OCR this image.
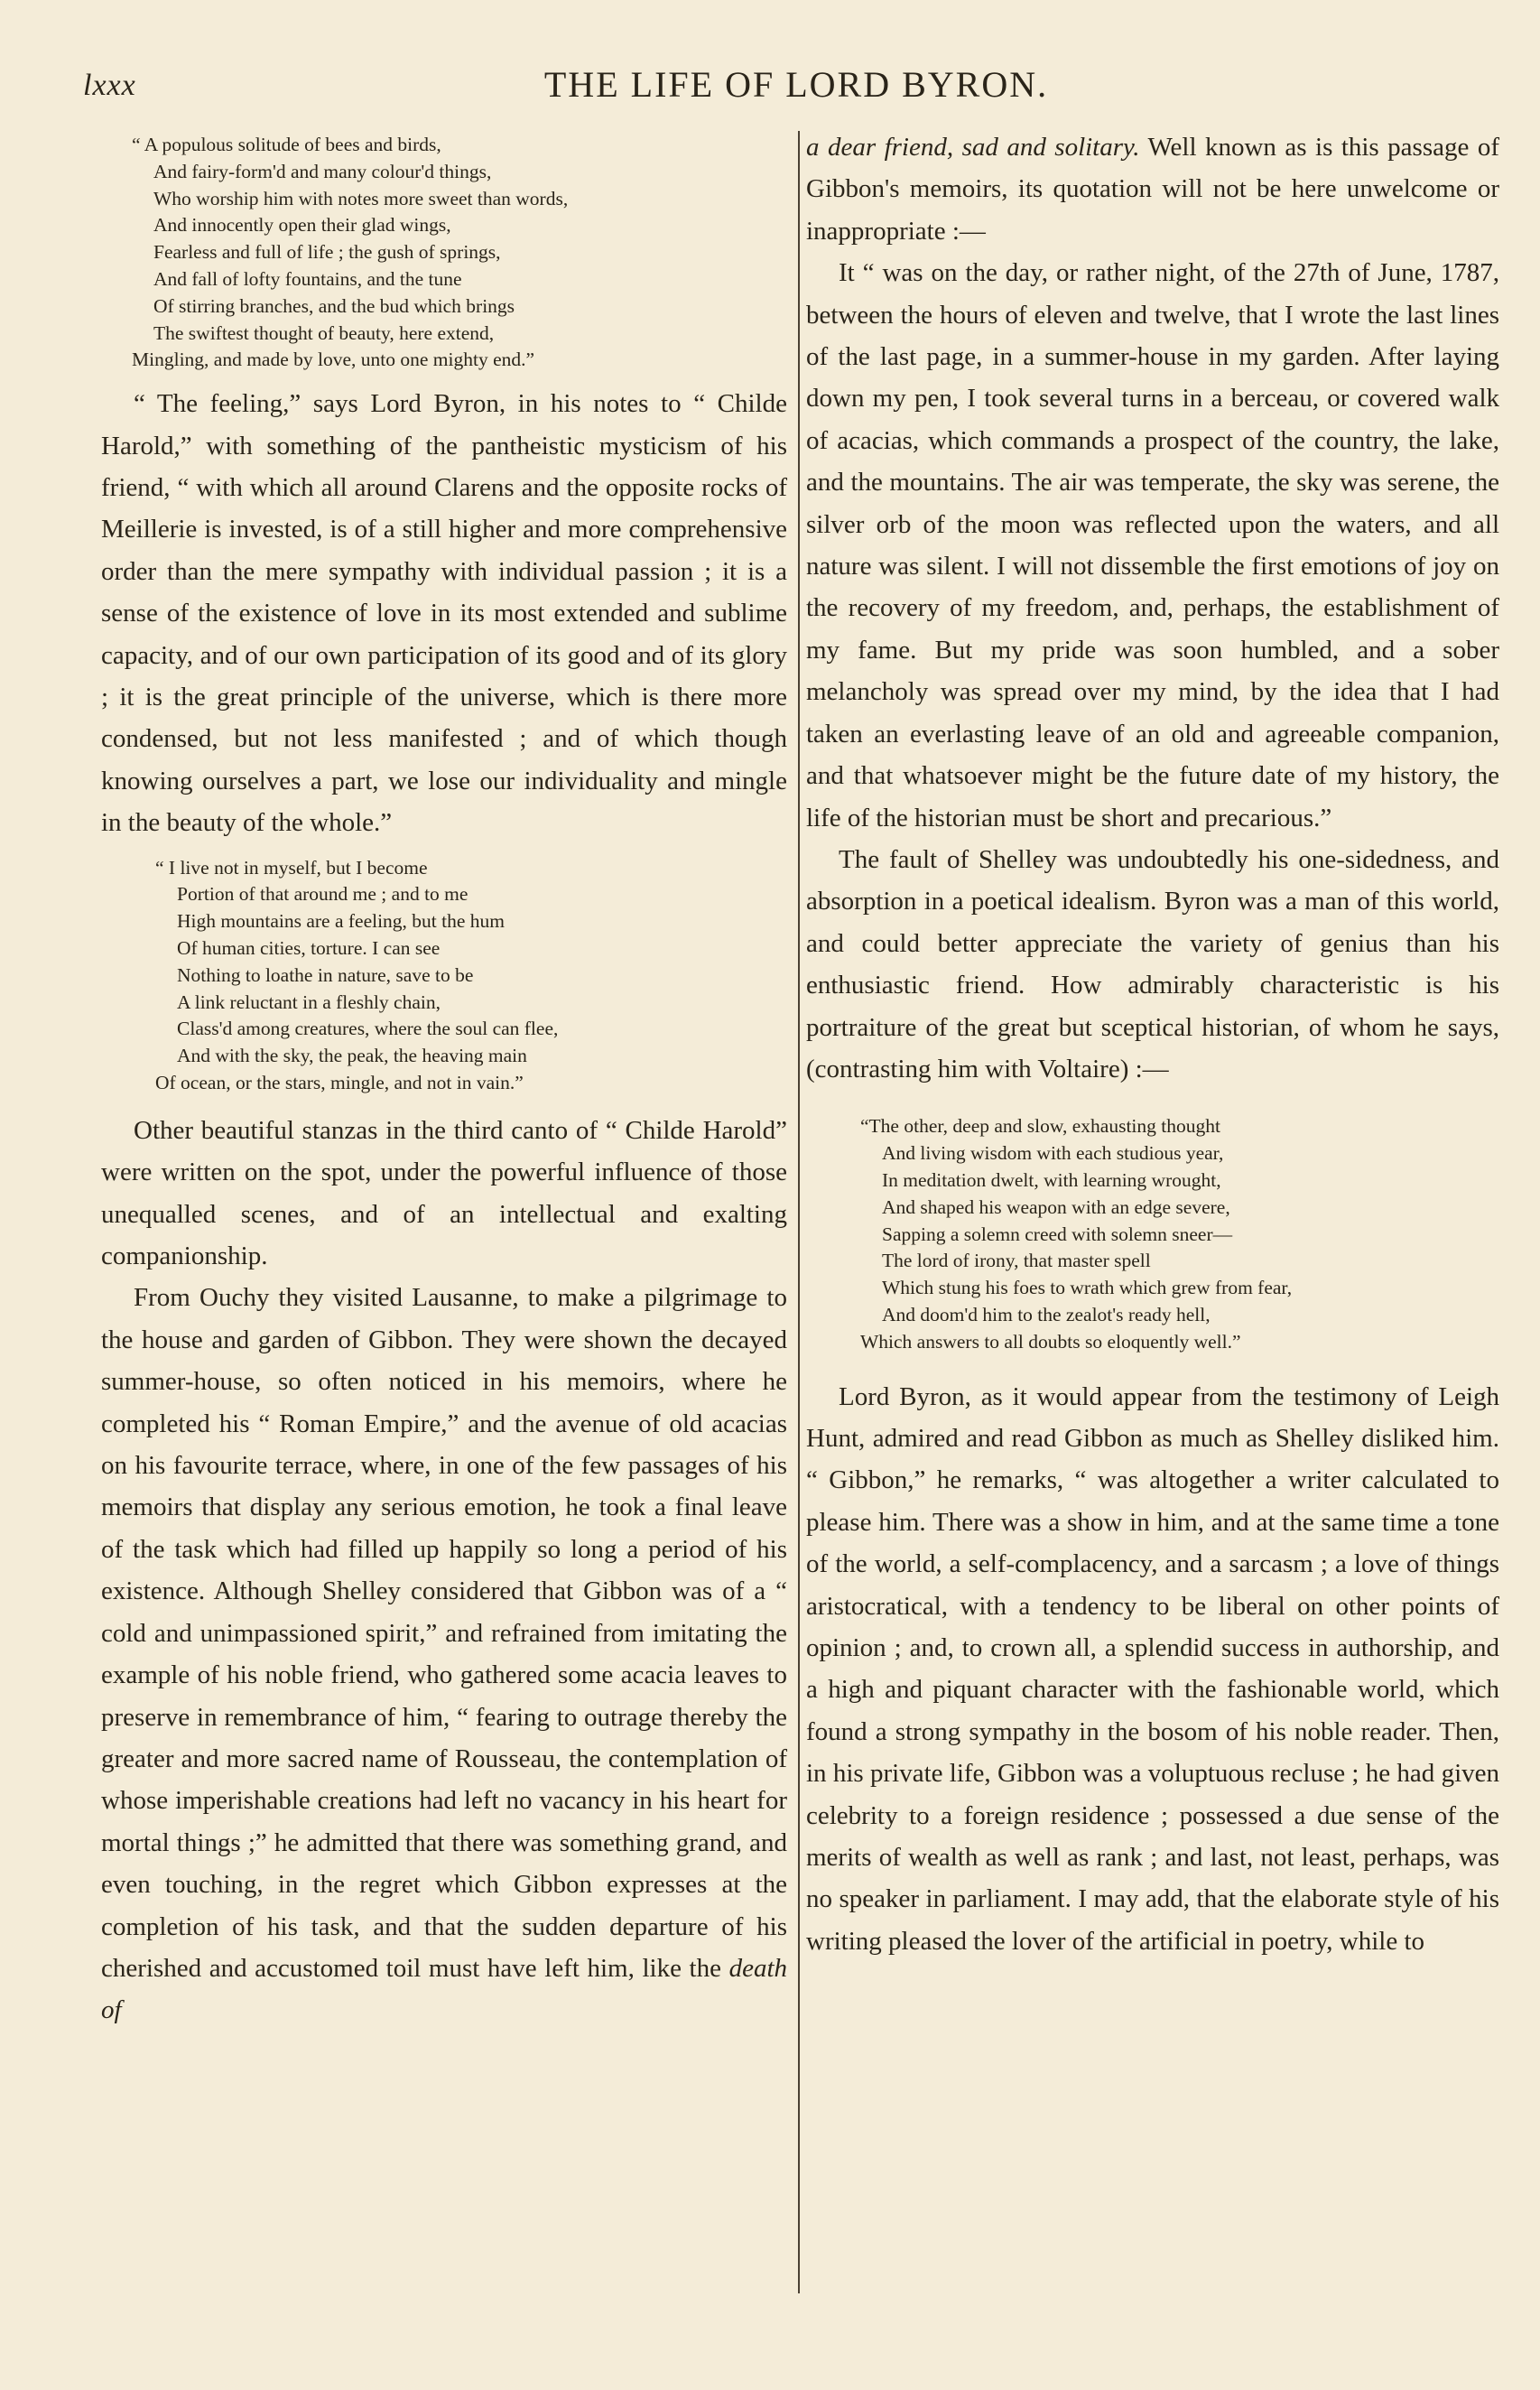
lxxx	THE LIFE OF LORD BYRON.
“ A populous solitude of bees and birds,
And fairy-form'd and many colour'd things,
Who worship him with notes more sweet than words,
And innocently open their glad wings,
Fearless and full of life ; the gush of springs,
And fall of lofty fountains, and the tune
Of stirring branches, and the bud which brings
The swiftest thought of beauty, here extend,
Mingling, and made by love, unto one mighty end.”

“ The feeling,” says Lord Byron, in his notes to “ Childe Harold,” with something of the pantheistic mysticism of his friend, “ with which all around Clarens and the opposite rocks of Meillerie is invested, is of a still higher and more comprehensive order than the mere sympathy with individual passion ; it is a sense of the existence of love in its most extended and sublime capacity, and of our own participation of its good and of its glory ; it is the great principle of the universe, which is there more condensed, but not less manifested ; and of which though knowing ourselves a part, we lose our individuality and mingle in the beauty of the whole.”

“ I live not in myself, but I become
Portion of that around me ; and to me
High mountains are a feeling, but the hum
Of human cities, torture. I can see
Nothing to loathe in nature, save to be
A link reluctant in a fleshly chain,
Class'd among creatures, where the soul can flee,
And with the sky, the peak, the heaving main
Of ocean, or the stars, mingle, and not in vain.”

Other beautiful stanzas in the third canto of “ Childe Harold” were written on the spot, under the powerful influence of those unequalled scenes, and of an intellectual and exalting companionship.

From Ouchy they visited Lausanne, to make a pilgrimage to the house and garden of Gibbon. They were shown the decayed summer-house, so often noticed in his memoirs, where he completed his “ Roman Empire,” and the avenue of old acacias on his favourite terrace, where, in one of the few passages of his memoirs that display any serious emotion, he took a final leave of the task which had filled up happily so long a period of his existence. Although Shelley considered that Gibbon was of a “ cold and unimpassioned spirit,” and refrained from imitating the example of his noble friend, who gathered some acacia leaves to preserve in remembrance of him, “ fearing to outrage thereby the greater and more sacred name of Rousseau, the contemplation of whose imperishable creations had left no vacancy in his heart for mortal things ;” he admitted that there was something grand, and even touching, in the regret which Gibbon expresses at the completion of his task, and that the sudden departure of his cherished and accustomed toil must have left him, like the death of

a dear friend, sad and solitary. Well known as is this passage of Gibbon's memoirs, its quotation will not be here unwelcome or inappropriate :—

It “ was on the day, or rather night, of the 27th of June, 1787, between the hours of eleven and twelve, that I wrote the last lines of the last page, in a summer-house in my garden. After laying down my pen, I took several turns in a berceau, or covered walk of acacias, which commands a prospect of the country, the lake, and the mountains. The air was temperate, the sky was serene, the silver orb of the moon was reflected upon the waters, and all nature was silent. I will not dissemble the first emotions of joy on the recovery of my freedom, and, perhaps, the establishment of my fame. But my pride was soon humbled, and a sober melancholy was spread over my mind, by the idea that I had taken an everlasting leave of an old and agreeable companion, and that whatsoever might be the future date of my history, the life of the historian must be short and precarious.”

The fault of Shelley was undoubtedly his one-sidedness, and absorption in a poetical idealism. Byron was a man of this world, and could better appreciate the variety of genius than his enthusiastic friend. How admirably characteristic is his portraiture of the great but sceptical historian, of whom he says, (contrasting him with Voltaire) :—

“The other, deep and slow, exhausting thought
And living wisdom with each studious year,
In meditation dwelt, with learning wrought,
And shaped his weapon with an edge severe,
Sapping a solemn creed with solemn sneer—
The lord of irony, that master spell
Which stung his foes to wrath which grew from fear,
And doom'd him to the zealot's ready hell,
Which answers to all doubts so eloquently well.”

Lord Byron, as it would appear from the testimony of Leigh Hunt, admired and read Gibbon as much as Shelley disliked him. “ Gibbon,” he remarks, “ was altogether a writer calculated to please him. There was a show in him, and at the same time a tone of the world, a self-complacency, and a sarcasm ; a love of things aristocratical, with a tendency to be liberal on other points of opinion ; and, to crown all, a splendid success in authorship, and a high and piquant character with the fashionable world, which found a strong sympathy in the bosom of his noble reader. Then, in his private life, Gibbon was a voluptuous recluse ; he had given celebrity to a foreign residence ; possessed a due sense of the merits of wealth as well as rank ; and last, not least, perhaps, was no speaker in parliament. I may add, that the elaborate style of his writing pleased the lover of the artificial in poetry, while to
